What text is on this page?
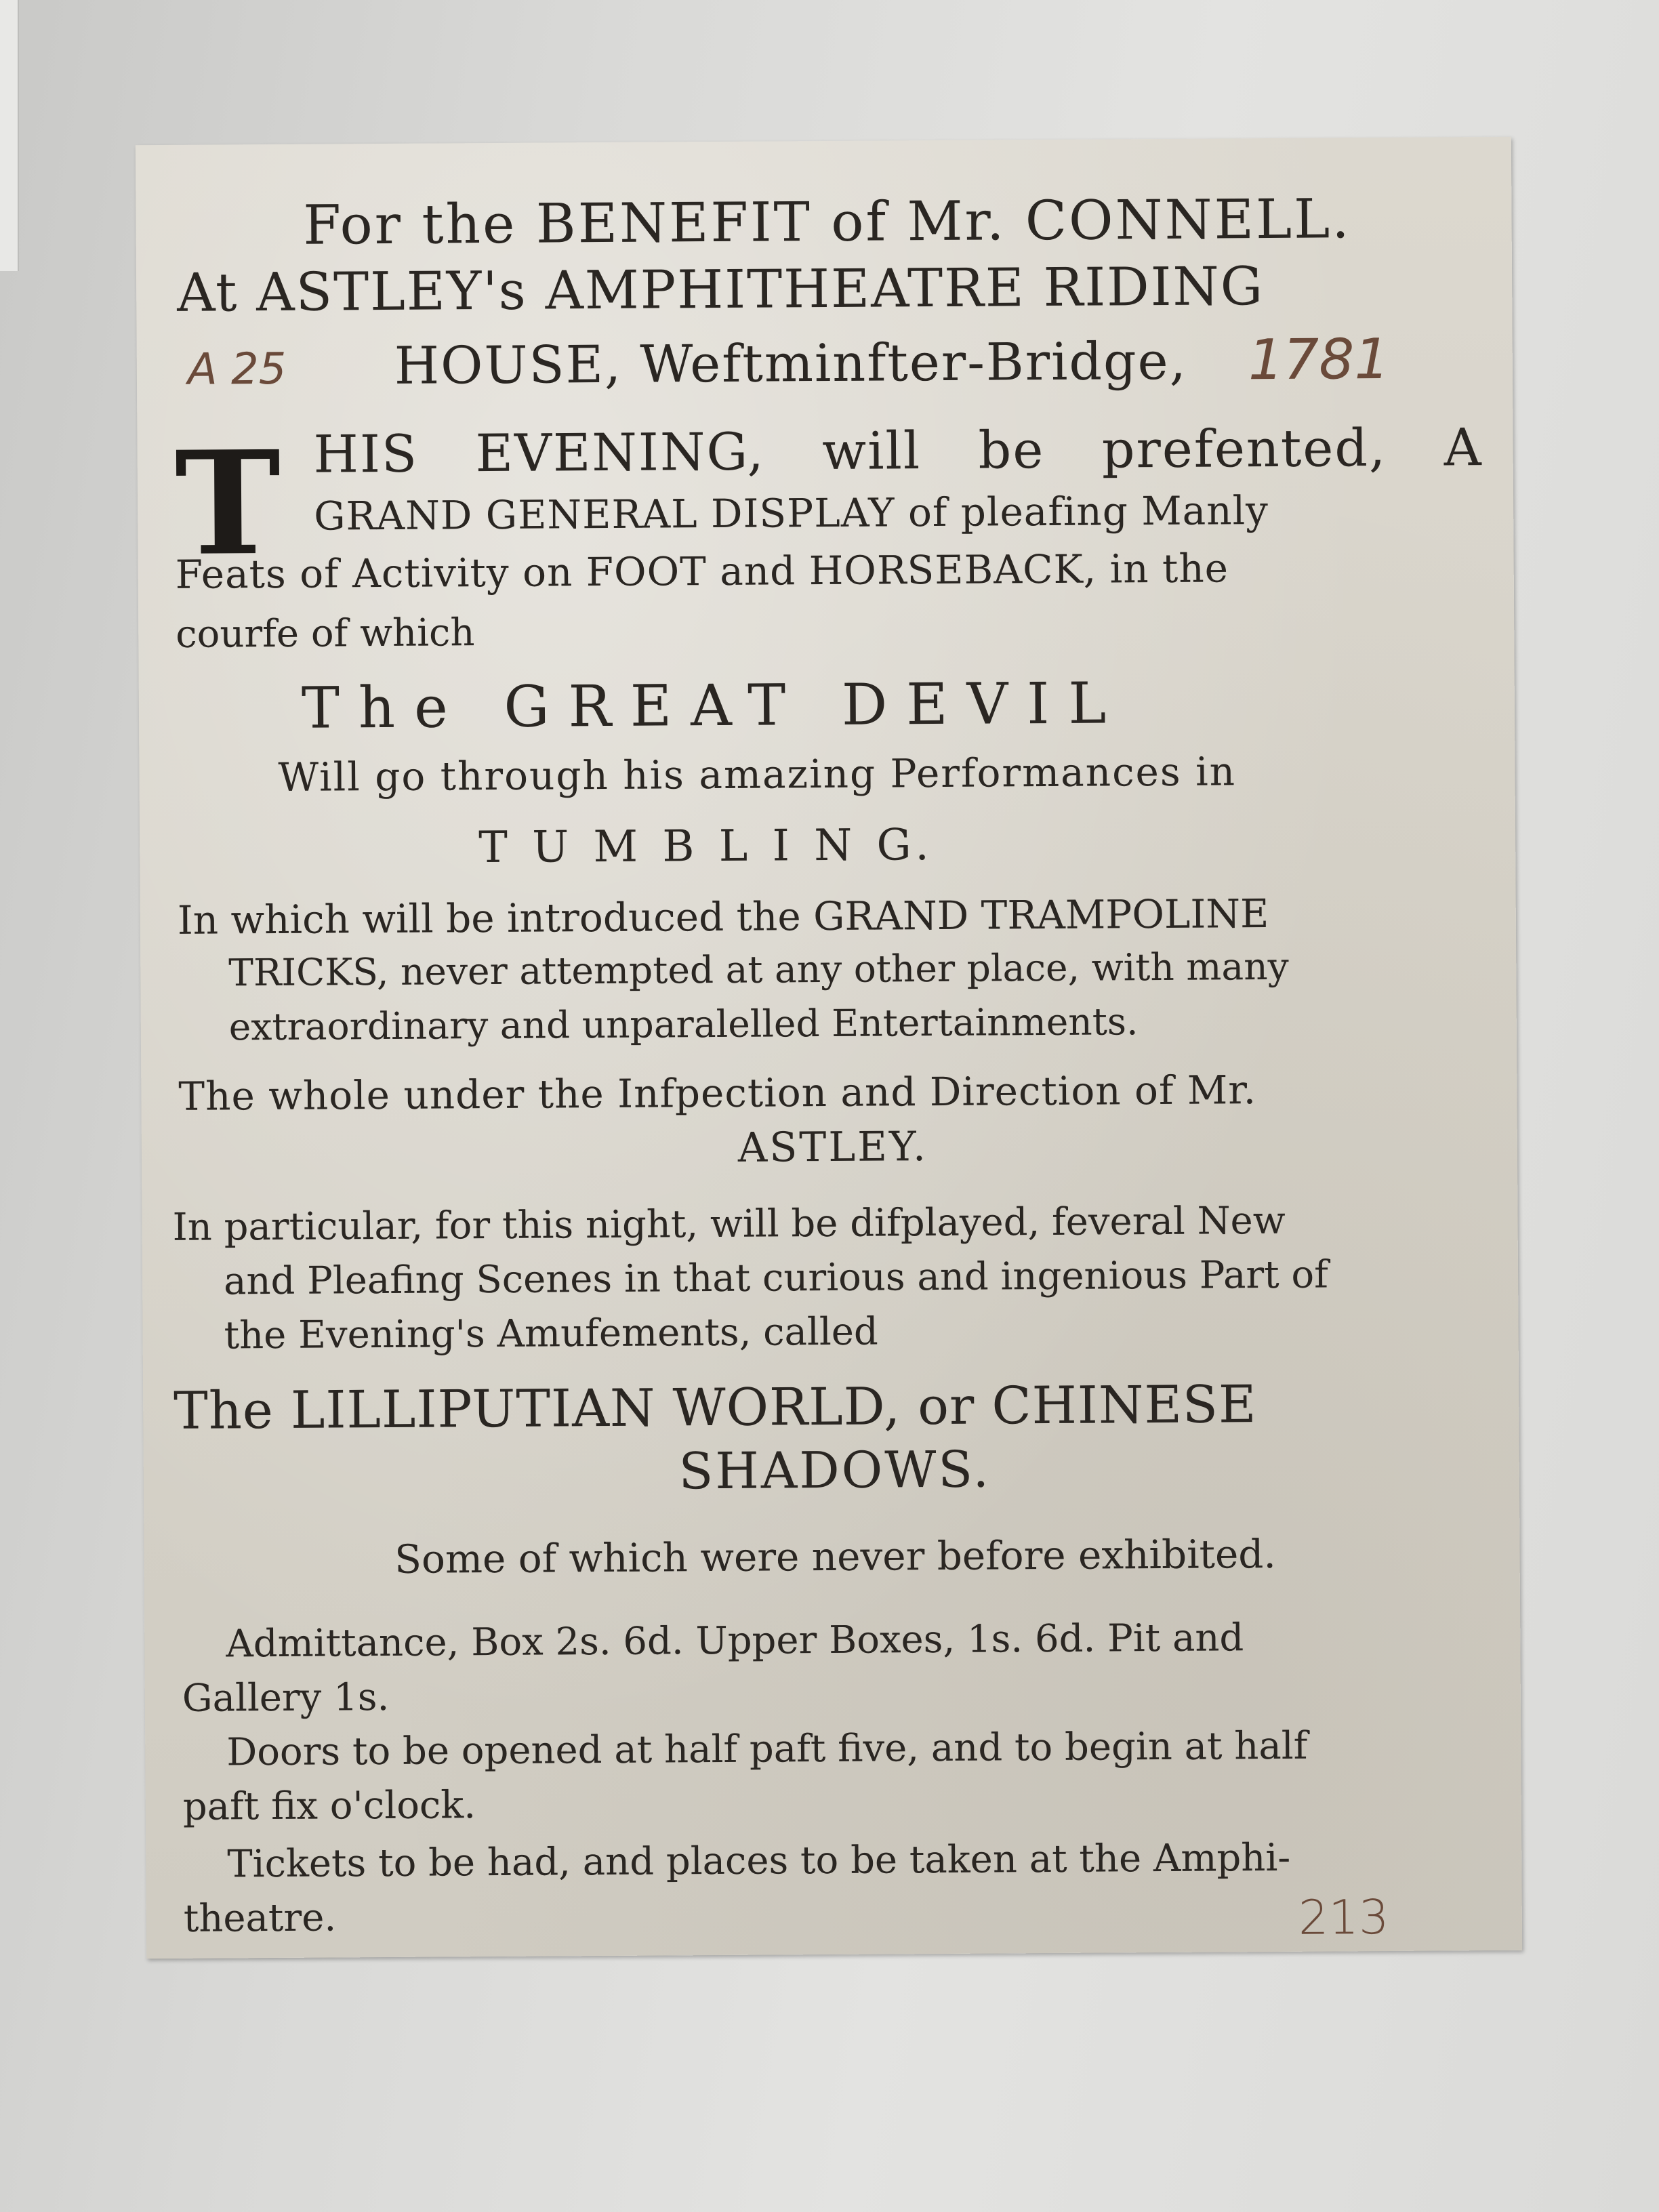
For the BENEFIT of Mr. CONNELL.
At ASTLEY's AMPHITHEATRE RIDING
A 25 HOUSE, Weftminfter-Bridge,	1781
T HIS EVENING, will be prefented, A
GRAND GENERAL DISPLAY of pleafing Manly
Feats of Activity on FOOT and HORSEBACK, in the
courfe of which
The GREAT DEVIL
Will go through his amazing Performances in
T U M B L I N G.
In which will be introduced the GRAND TRAMPOLINE
TRICKS, never attempted at any other place, with many
extraordinary and unparalelled Entertainments.
The whole under the Infpection and Direction of Mr.
ASTLEY.
In particular, for this night, will be difplayed, feveral New
and Pleafing Scenes in that curious and ingenious Part of
the Evening's Amufements, called
The LILLIPUTIAN WORLD, or CHINESE
SHADOWS.
Some of which were never before exhibited.
Admittance, Box 2s. 6d. Upper Boxes, 1s. 6d. Pit and
Gallery 1s.
Doors to be opened at half paft five, and to begin at half
paft fix o'clock.
Tickets to be had, and places to be taken at the Amphi-
theatre.	213
